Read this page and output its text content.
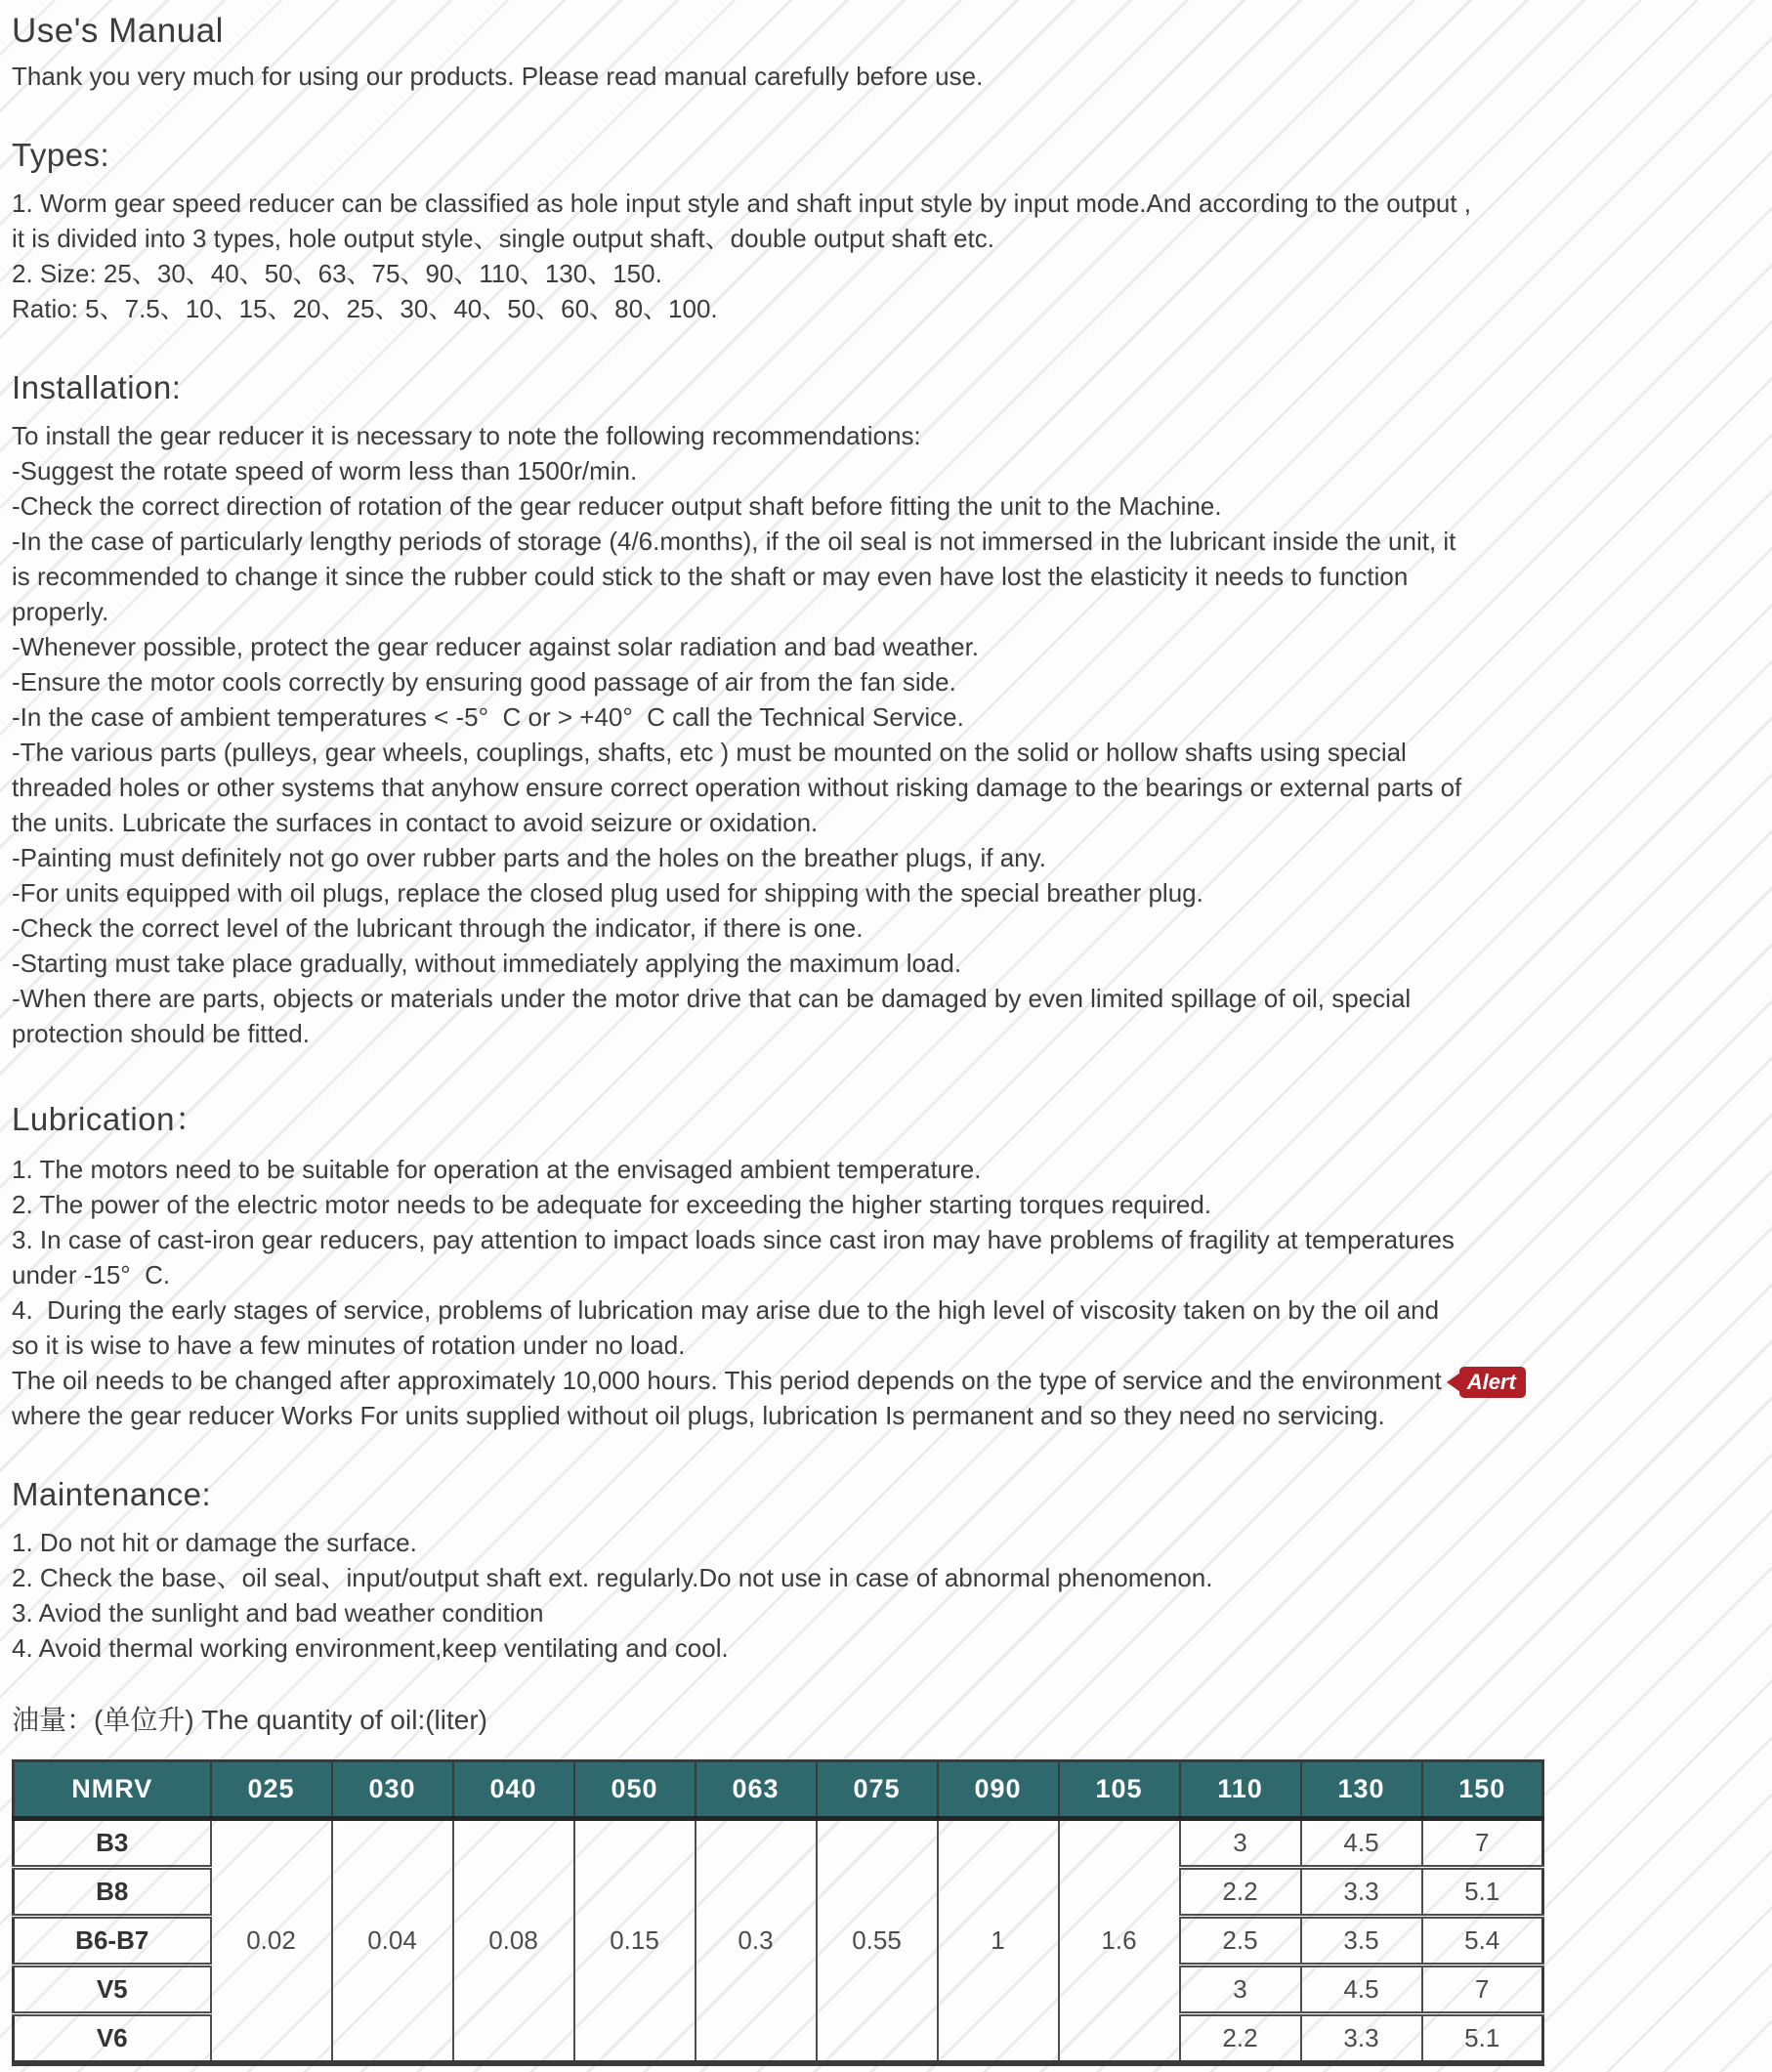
Use's Manual

Thank you very much for using our products. Please read manual carefully before use.

Types:
1. Worm gear speed reducer can be classified as hole input style and shaft input style by input mode.And according to the output ,
it is divided into 3 types, hole output style、single output shaft、double output shaft etc.
2. Size: 25、30、40、50、63、75、90、110、130、150.
Ratio: 5、7.5、10、15、20、25、30、40、50、60、80、100.
Installation:
To install the gear reducer it is necessary to note the following recommendations:
-Suggest the rotate speed of worm less than 1500r/min.
-Check the correct direction of rotation of the gear reducer output shaft before fitting the unit to the Machine.
-In the case of particularly lengthy periods of storage (4/6.months), if the oil seal is not immersed in the lubricant inside the unit, it
is recommended to change it since the rubber could stick to the shaft or may even have lost the elasticity it needs to function
properly.
-Whenever possible, protect the gear reducer against solar radiation and bad weather.
-Ensure the motor cools correctly by ensuring good passage of air from the fan side.
-In the case of ambient temperatures < -5°  C or > +40°  C call the Technical Service.
-The various parts (pulleys, gear wheels, couplings, shafts, etc ) must be mounted on the solid or hollow shafts using special
threaded holes or other systems that anyhow ensure correct operation without risking damage to the bearings or external parts of
the units. Lubricate the surfaces in contact to avoid seizure or oxidation.
-Painting must definitely not go over rubber parts and the holes on the breather plugs, if any.
-For units equipped with oil plugs, replace the closed plug used for shipping with the special breather plug.
-Check the correct level of the lubricant through the indicator, if there is one.
-Starting must take place gradually, without immediately applying the maximum load.
-When there are parts, objects or materials under the motor drive that can be damaged by even limited spillage of oil, special
protection should be fitted.
Lubrication：
1. The motors need to be suitable for operation at the envisaged ambient temperature.
2. The power of the electric motor needs to be adequate for exceeding the higher starting torques required.
3. In case of cast-iron gear reducers, pay attention to impact loads since cast iron may have problems of fragility at temperatures
under -15°  C.
4.  During the early stages of service, problems of lubrication may arise due to the high level of viscosity taken on by the oil and
so it is wise to have a few minutes of rotation under no load.
The oil needs to be changed after approximately 10,000 hours. This period depends on the type of service and the environment Alert
where the gear reducer Works For units supplied without oil plugs, lubrication Is permanent and so they need no servicing.
Maintenance:
1. Do not hit or damage the surface.
2. Check the base、oil seal、input/output shaft ext. regularly.Do not use in case of abnormal phenomenon.
3. Aviod the sunlight and bad weather condition
4. Avoid thermal working environment,keep ventilating and cool.
油量：(单位升) The quantity of oil:(liter)
NMRV	025	030	040	050	063	075	090	105	110	130	150
B3	0.02	0.04	0.08	0.15	0.3	0.55	1	1.6	3	4.5	7
B8									2.2	3.3	5.1
B6-B7									2.5	3.5	5.4
V5									3	4.5	7
V6									2.2	3.3	5.1
